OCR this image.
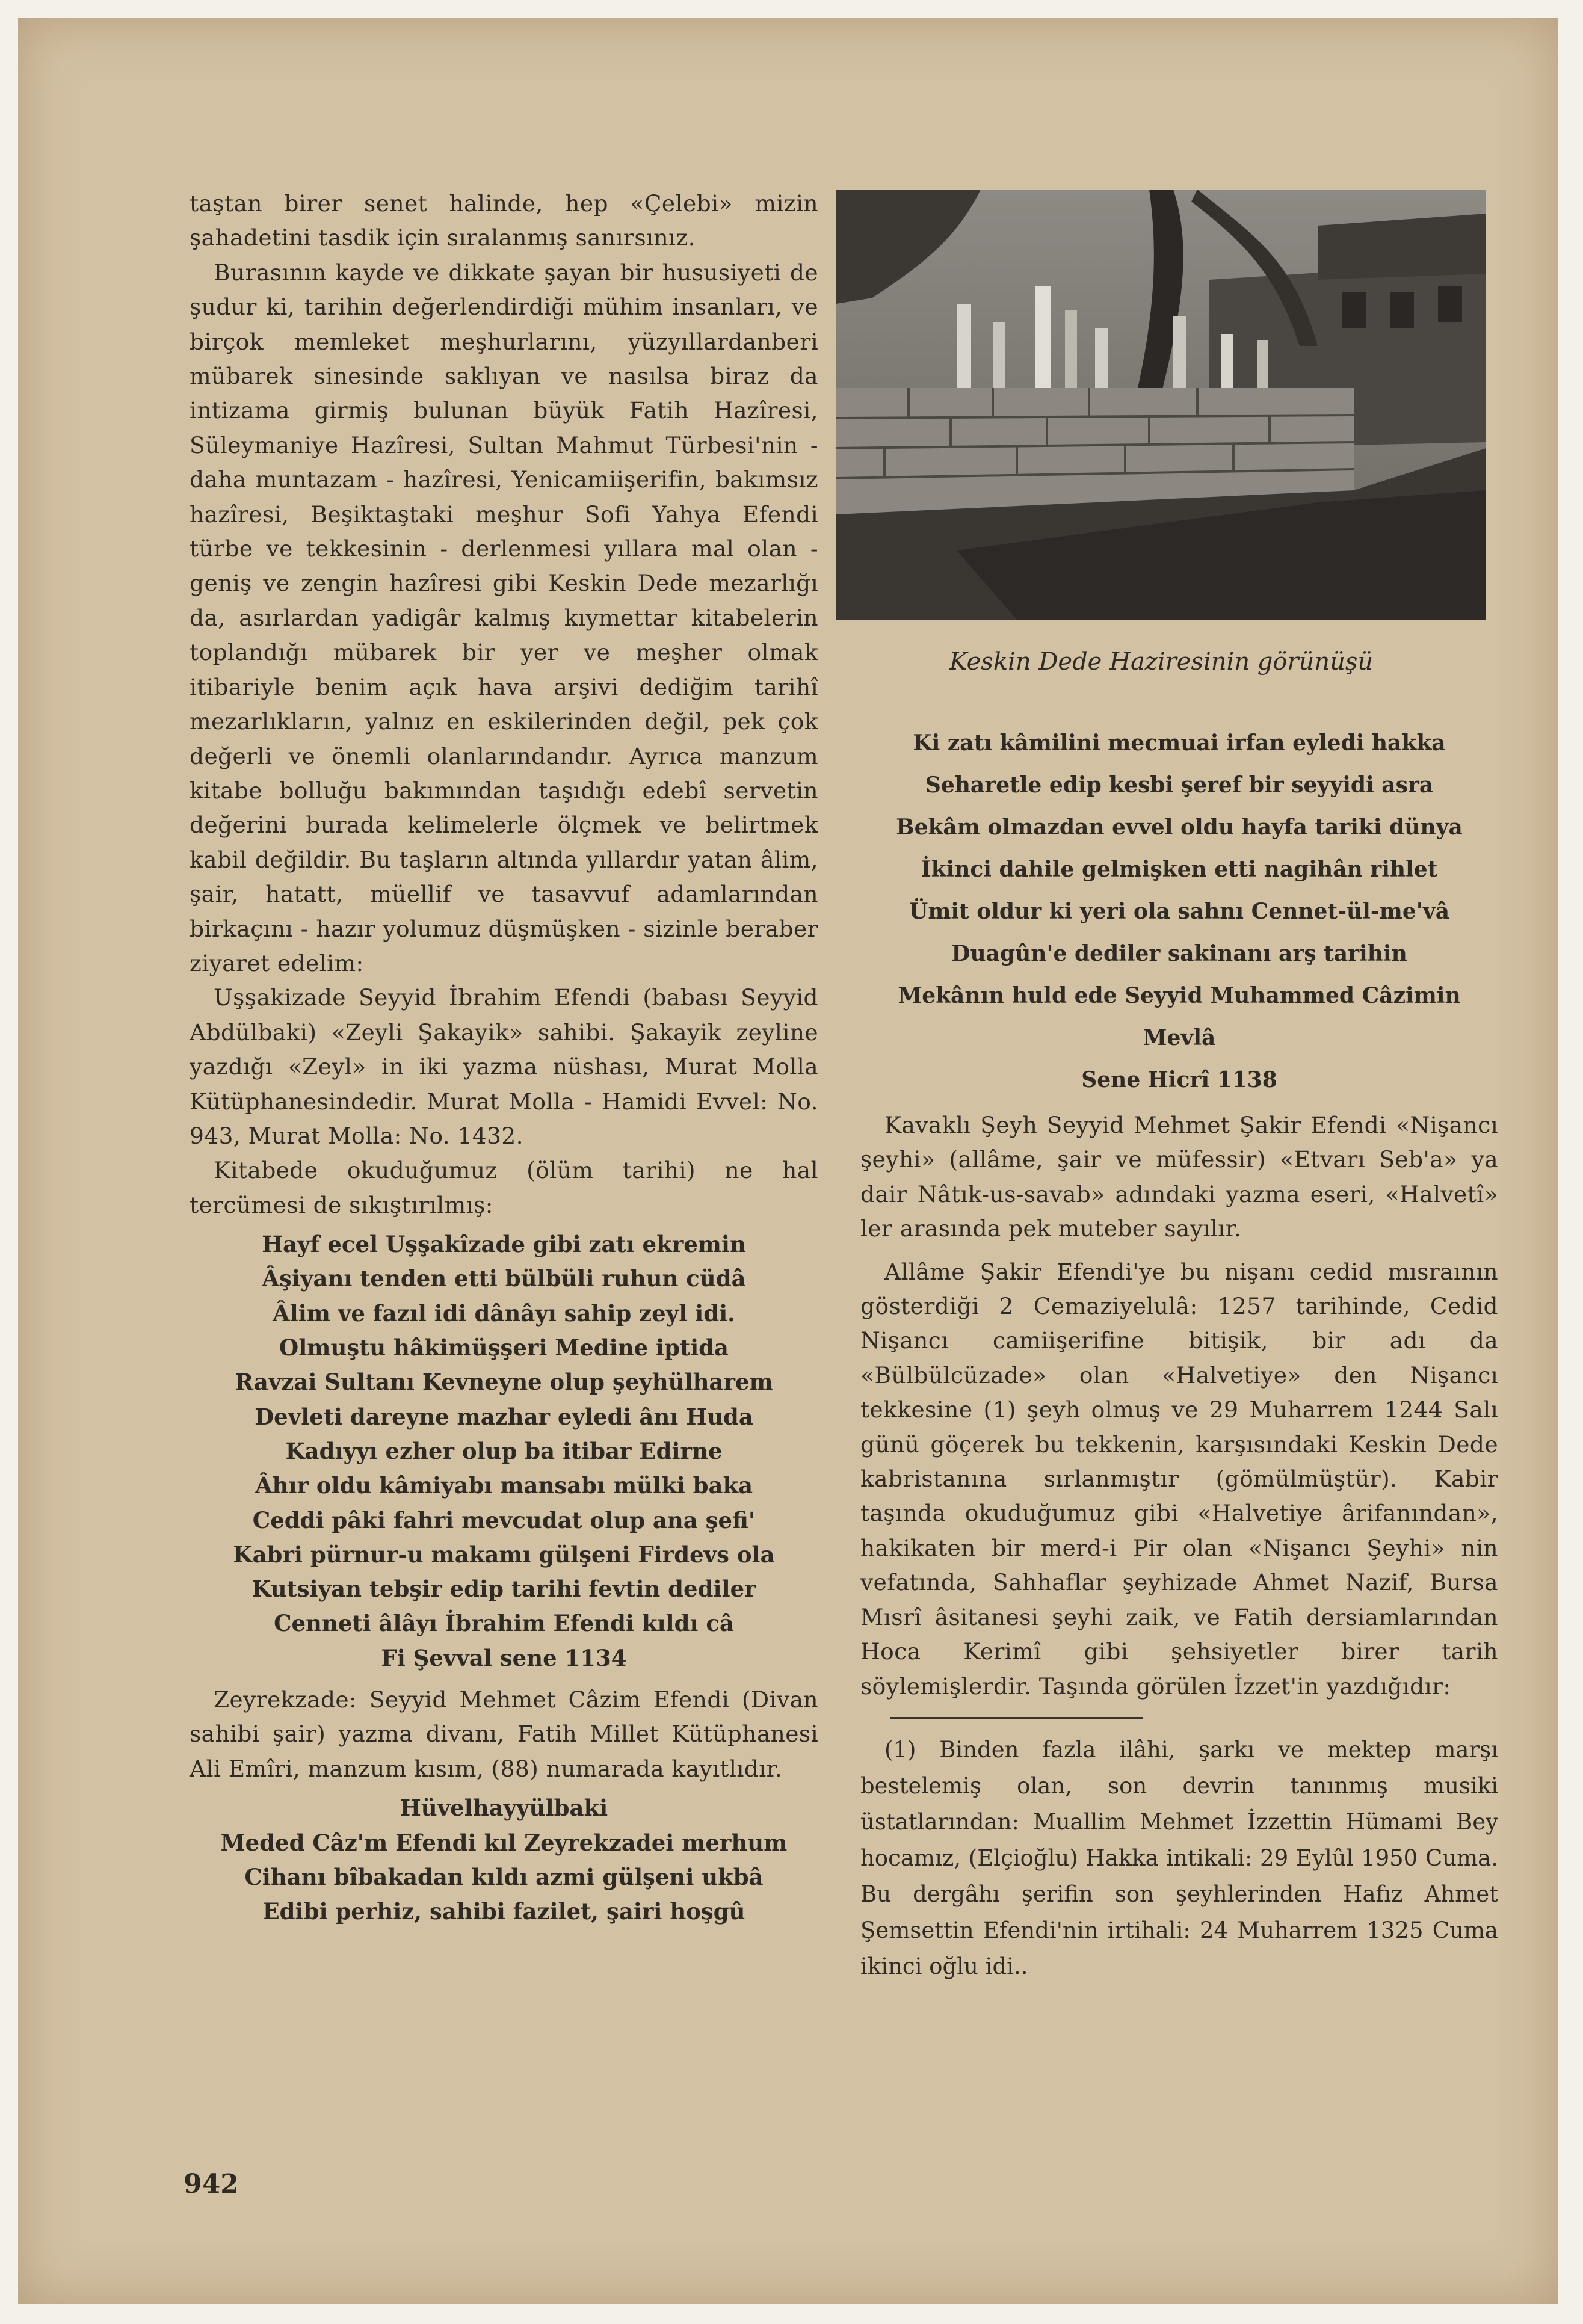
Keskin Dede Haziresinin görünüşü

taştan birer senet halinde, hep «Çelebi» mizin şahadetini tasdik için sıralanmış sanırsınız.

Burasının kayde ve dikkate şayan bir hususiyeti de şudur ki, tarihin değerlendirdiği mühim insanları, ve birçok memleket meşhurlarını, yüzyıllardanberi mübarek sinesinde saklıyan ve nasılsa biraz da intizama girmiş bulunan büyük Fatih Hazîresi, Süleymaniye Hazîresi, Sultan Mahmut Türbesi'nin - daha muntazam - hazîresi, Yenicamiişerifin, bakımsız hazîresi, Beşiktaştaki meşhur Sofi Yahya Efendi türbe ve tekkesinin - derlenmesi yıllara mal olan - geniş ve zengin hazîresi gibi Keskin Dede mezarlığı da, asırlardan yadigâr kalmış kıymettar kitabelerin toplandığı mübarek bir yer ve meşher olmak itibariyle benim açık hava arşivi dediğim tarihî mezarlıkların, yalnız en eskilerinden değil, pek çok değerli ve önemli olanlarındandır. Ayrıca manzum kitabe bolluğu bakımından taşıdığı edebî servetin değerini burada kelimelerle ölçmek ve belirtmek kabil değildir. Bu taşların altında yıllardır yatan âlim, şair, hatatt, müellif ve tasavvuf adamlarından birkaçını - hazır yolumuz düşmüşken - sizinle beraber ziyaret edelim:

Uşşakizade Seyyid İbrahim Efendi (babası Seyyid Abdülbaki) «Zeyli Şakayik» sahibi. Şakayik zeyline yazdığı «Zeyl» in iki yazma nüshası, Murat Molla Kütüphanesindedir. Murat Molla - Hamidi Evvel: No. 943, Murat Molla: No. 1432.

Kitabede okuduğumuz (ölüm tarihi) ne hal tercümesi de sıkıştırılmış:

Hayf ecel Uşşakîzade gibi zatı ekremin
Âşiyanı tenden etti bülbüli ruhun cüdâ
Âlim ve fazıl idi dânâyı sahip zeyl idi.
Olmuştu hâkimüşşeri Medine iptida
Ravzai Sultanı Kevneyne olup şeyhülharem
Devleti dareyne mazhar eyledi ânı Huda
Kadıyyı ezher olup ba itibar Edirne
Âhır oldu kâmiyabı mansabı mülki baka
Ceddi pâki fahri mevcudat olup ana şefi'
Kabri pürnur-u makamı gülşeni Firdevs ola
Kutsiyan tebşir edip tarihi fevtin dediler
Cenneti âlâyı İbrahim Efendi kıldı câ
Fi Şevval sene 1134

Zeyrekzade: Seyyid Mehmet Câzim Efendi (Divan sahibi şair) yazma divanı, Fatih Millet Kütüphanesi Ali Emîri, manzum kısım, (88) numarada kayıtlıdır.

Hüvelhayyülbaki
Meded Câz'm Efendi kıl Zeyrekzadei merhum
Cihanı bîbakadan kıldı azmi gülşeni ukbâ
Edibi perhiz, sahibi fazilet, şairi hoşgû
Ki zatı kâmilini mecmuai irfan eyledi hakka
Seharetle edip kesbi şeref bir seyyidi asra
Bekâm olmazdan evvel oldu hayfa tariki dünya
İkinci dahile gelmişken etti nagihân rihlet
Ümit oldur ki yeri ola sahnı Cennet-ül-me'vâ
Duagûn'e dediler sakinanı arş tarihin
Mekânın huld ede Seyyid Muhammed Câzimin
Mevlâ
Sene Hicrî 1138

Kavaklı Şeyh Seyyid Mehmet Şakir Efendi «Nişancı şeyhi» (allâme, şair ve müfessir) «Etvarı Seb'a» ya dair Nâtık-us-savab» adındaki yazma eseri, «Halvetî» ler arasında pek muteber sayılır.

Allâme Şakir Efendi'ye bu nişanı cedid mısraının gösterdiği 2 Cemaziyelulâ: 1257 tarihinde, Cedid Nişancı camiişerifine bitişik, bir adı da «Bülbülcüzade» olan «Halvetiye» den Nişancı tekkesine (1) şeyh olmuş ve 29 Muharrem 1244 Salı günü göçerek bu tekkenin, karşısındaki Keskin Dede kabristanına sırlanmıştır (gömülmüştür). Kabir taşında okuduğumuz gibi «Halvetiye ârifanından», hakikaten bir merd-i Pir olan «Nişancı Şeyhi» nin vefatında, Sahhaflar şeyhizade Ahmet Nazif, Bursa Mısrî âsitanesi şeyhi zaik, ve Fatih dersiamlarından Hoca Kerimî gibi şehsiyetler birer tarih söylemişlerdir. Taşında görülen İzzet'in yazdığıdır:

(1) Binden fazla ilâhi, şarkı ve mektep marşı bestelemiş olan, son devrin tanınmış musiki üstatlarından: Muallim Mehmet İzzettin Hümami Bey hocamız, (Elçioğlu) Hakka intikali: 29 Eylûl 1950 Cuma. Bu dergâhı şerifin son şeyhlerinden Hafız Ahmet Şemsettin Efendi'nin irtihali: 24 Muharrem 1325 Cuma ikinci oğlu idi..

942
